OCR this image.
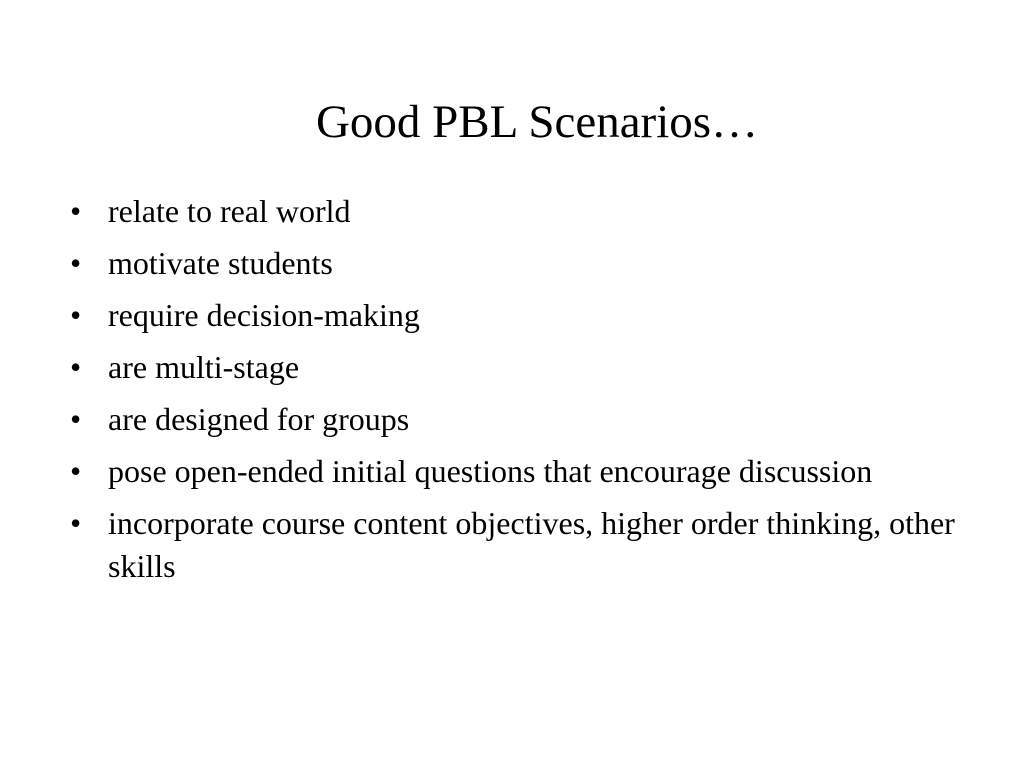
Good PBL Scenarios…
• relate to real world
• motivate students
• require decision-making
• are multi-stage
• are designed for groups
• pose open-ended initial questions that encourage discussion
• incorporate course content objectives, higher order thinking, other skills
